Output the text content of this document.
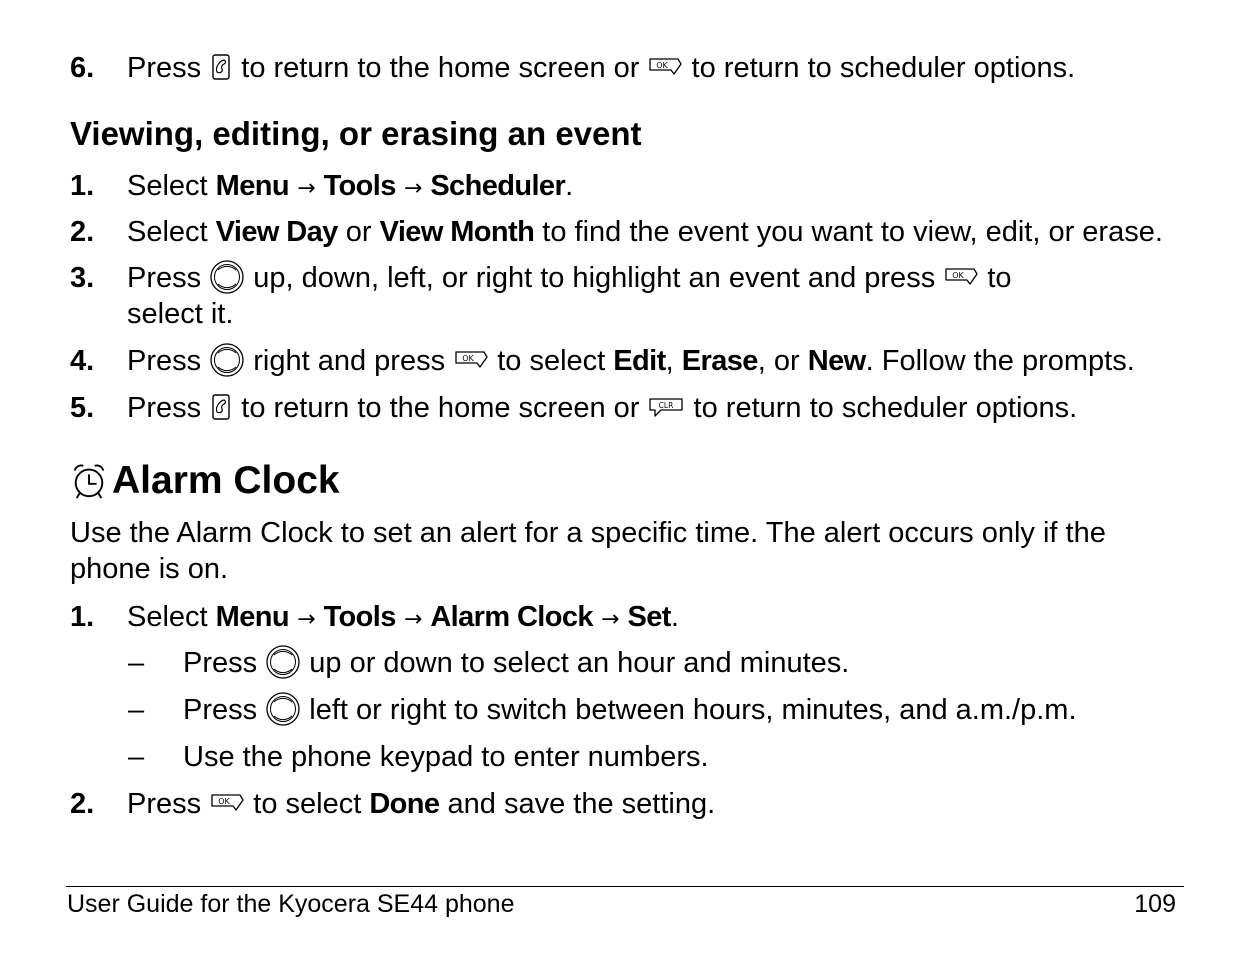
6. Press to return to the home screen or to return to scheduler options.
Viewing, editing, or erasing an event
1. Select Menu → Tools → Scheduler.
2. Select View Day or View Month to find the event you want to view, edit, or erase.
3. Press up, down, left, or right to highlight an event and press to
select it.
4. Press right and press to select Edit, Erase, or New. Follow the prompts.
5. Press to return to the home screen or to return to scheduler options.
Alarm Clock
Use the Alarm Clock to set an alert for a specific time. The alert occurs only if the phone is on.
1. Select Menu → Tools → Alarm Clock → Set.
– Press up or down to select an hour and minutes.
– Press left or right to switch between hours, minutes, and a.m./p.m.
– Use the phone keypad to enter numbers.
2. Press to select Done and save the setting.
User Guide for the Kyocera SE44 phone	109
